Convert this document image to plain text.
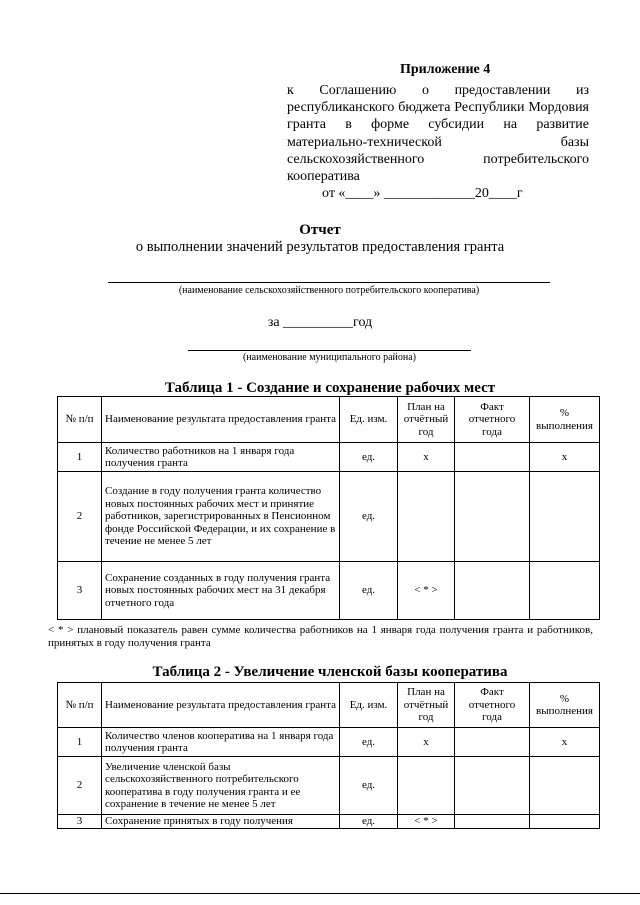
Приложение 4
к Соглашению о предоставлении из республиканского бюджета Республики Мордовия гранта в форме субсидии на развитие материально-технической базы сельскохозяйственного потребительского кооператива
от «____» _____________20____г
Отчет
о выполнении значений результатов предоставления гранта
(наименование сельскохозяйственного потребительского кооператива)
за __________год
(наименование муниципального района)
Таблица 1 - Создание и сохранение рабочих мест
№ п/п	Наименование результата предоставления гранта	Ед. изм.	План на отчётный год	Факт отчетного года	% выполнения
1	Количество работников на 1 января года получения гранта	ед.	х		х
2	Создание в году получения гранта количество новых постоянных рабочих мест и принятие работников, зарегистрированных в Пенсионном фонде Российской Федерации, и их сохранение в течение не менее 5 лет	ед.			
3	Сохранение созданных в году получения гранта новых постоянных рабочих мест на 31 декабря отчетного года	ед.	< * >		
< * > плановый показатель равен сумме количества работников на 1 января года получения гранта и работников, принятых в году получения гранта
Таблица 2 - Увеличение членской базы кооператива
№ п/п	Наименование результата предоставления гранта	Ед. изм.	План на отчётный год	Факт отчетного года	% выполнения
1	Количество членов кооператива на 1 января года получения гранта	ед.	х		х
2	Увеличение членской базы сельскохозяйственного потребительского кооператива в году получения гранта и ее сохранение в течение не менее 5 лет	ед.			
3	Сохранение принятых в году получения	ед.	< * >		
